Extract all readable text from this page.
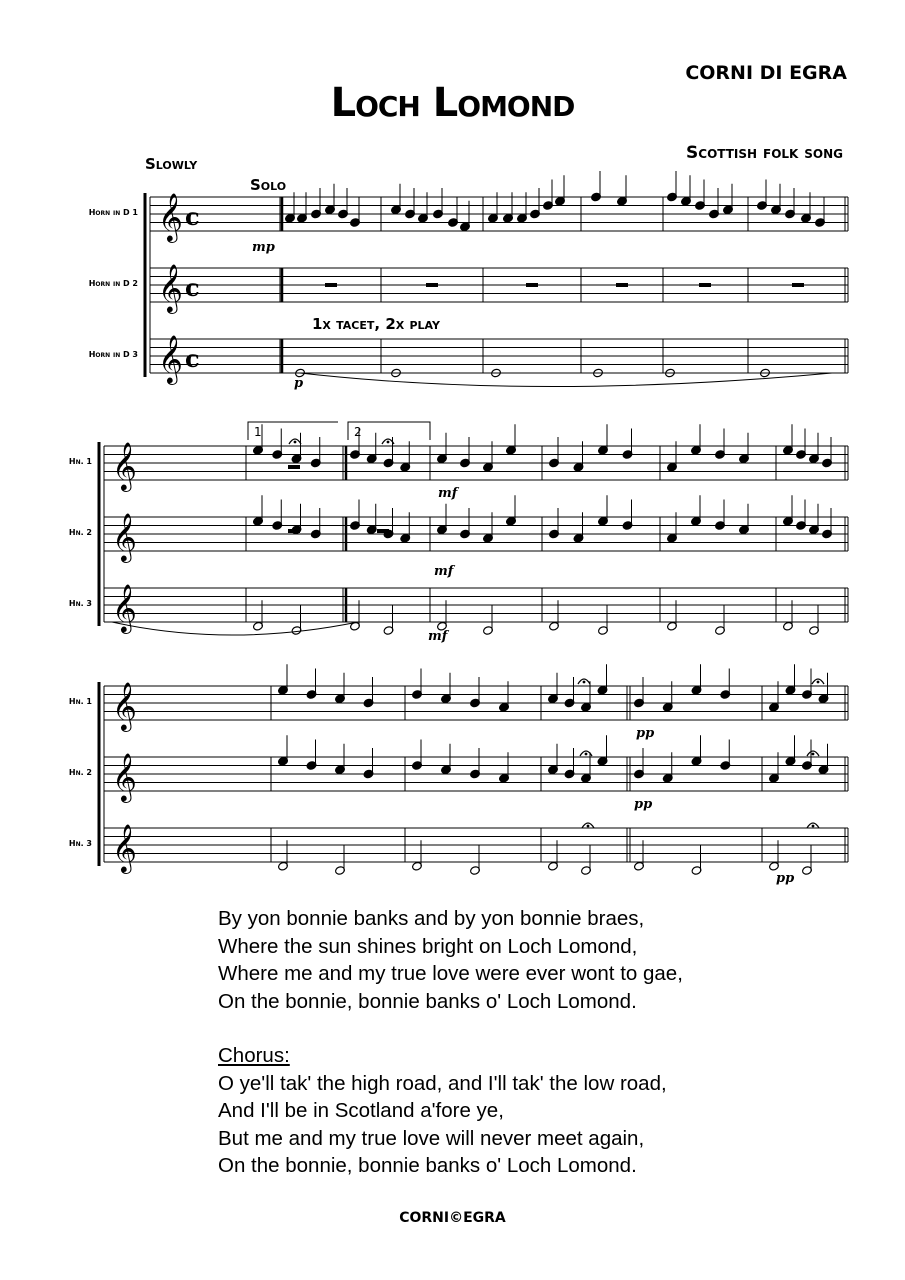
Loch Lomond
CORNI DI EGRA
Scottish folk song
Slowly
Solo
1x tacet, 2x play
Horn in D 1
Horn in D 2
Horn in D 3
Hn. 1
Hn. 2
Hn. 3
Hn. 1
Hn. 2
Hn. 3
𝄞 c
𝄞 c
𝄞 c
𝄞
𝄞
𝄞
𝄞
𝄞
𝄞
mp
p
mf
mf
mf
pp
pp
pp
1	2
By yon bonnie banks and by yon bonnie braes,
Where the sun shines bright on Loch Lomond,
Where me and my true love were ever wont to gae,
On the bonnie, bonnie banks o' Loch Lomond.
Chorus:
O ye'll tak' the high road, and I'll tak' the low road,
And I'll be in Scotland a'fore ye,
But me and my true love will never meet again,
On the bonnie, bonnie banks o' Loch Lomond.
CORNI©EGRA
